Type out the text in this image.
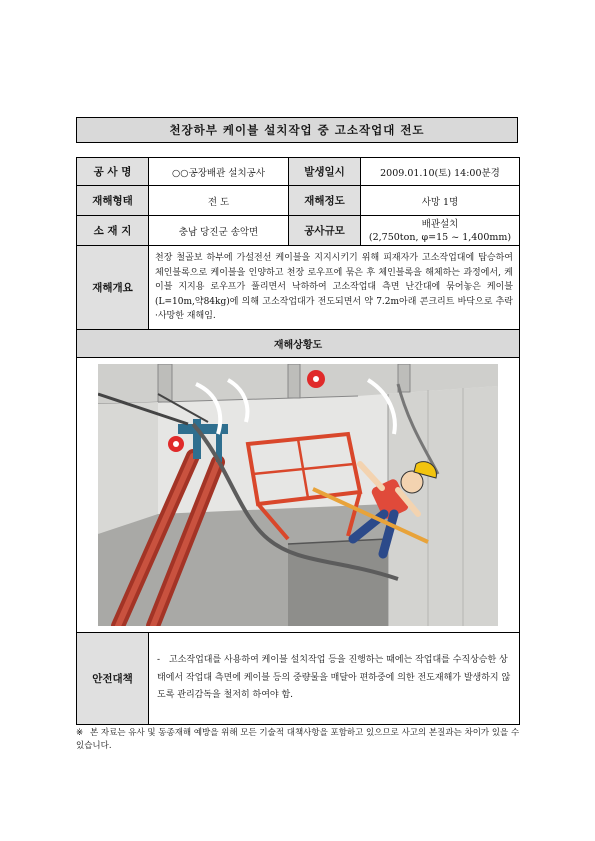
천장하부 케이블 설치작업 중 고소작업대 전도
공 사 명	○○공장배관 설치공사	발생일시	2009.01.10(토) 14:00분경
재해형태	전 도	재해정도	사망 1명
소 재 지	충남 당진군 송악면	공사규모	배관설치
(2,750ton, φ=15 ~ 1,400mm)

재해개요	천장 철골보 하부에 가설전선 케이블을 지지시키기 위해 피재자가 고소작업대에 탑승하여 체인블록으로 케이블을 인양하고 천장 로우프에 묶은 후 체인블록을 해체하는 과정에서, 케이블 지지용 로우프가 풀리면서 낙하하여 고소작업대 측면 난간대에 묶어놓은 케이블(L=10m,약84kg)에 의해 고소작업대가 전도되면서 약 7.2m아래 콘크리트 바닥으로 추락·사망한 재해임.		
재해상황도			

안전대책	- 고소작업대를 사용하여 케이블 설치작업 등을 진행하는 때에는 작업대를 수직상승한 상태에서 작업대 측면에 케이블 등의 중량물을 매달아 편하중에 의한 전도재해가 발생하지 않도록 관리감독을 철저히 하여야 함.		
※ 본 자료는 유사 및 동종재해 예방을 위해 모든 기술적 대책사항을 포함하고 있으므로 사고의 본질과는 차이가 있을 수 있습니다.
